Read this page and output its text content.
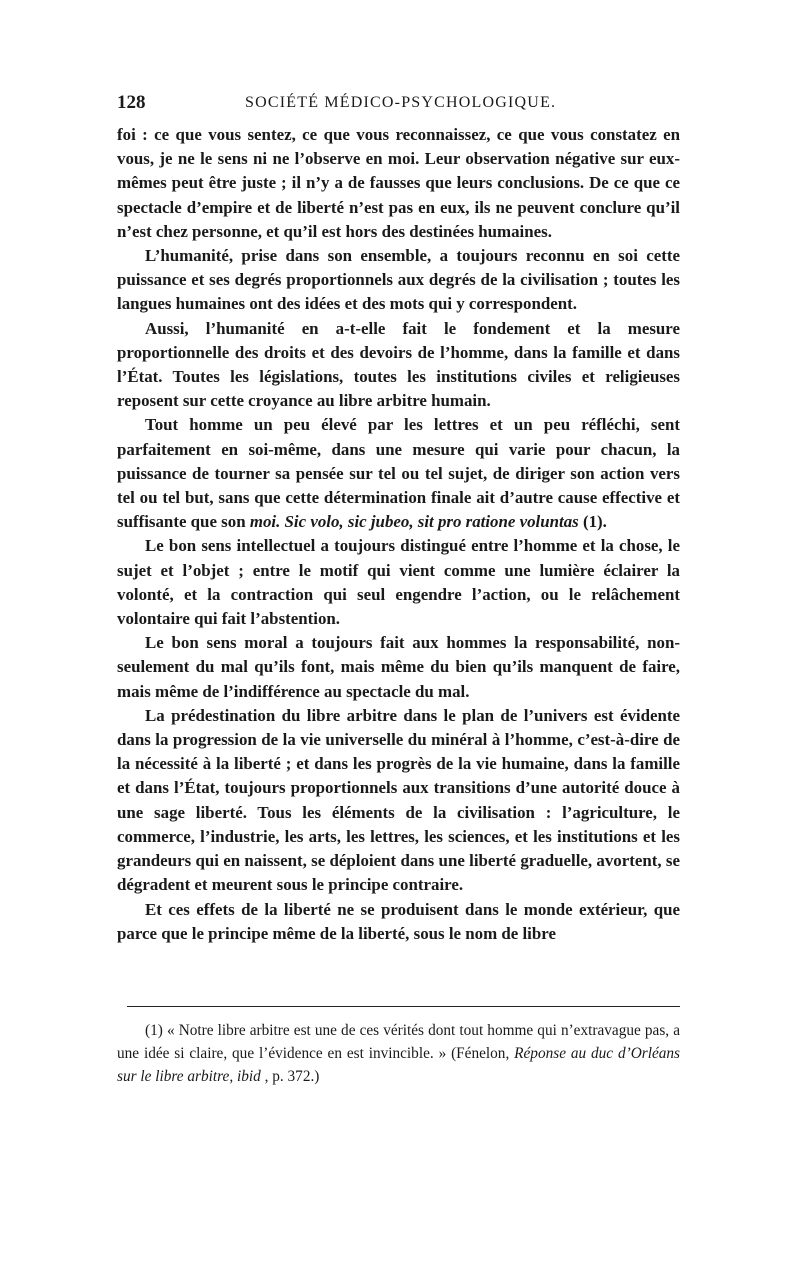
128	SOCIÉTÉ MÉDICO-PSYCHOLOGIQUE.

foi : ce que vous sentez, ce que vous reconnaissez, ce que vous constatez en vous, je ne le sens ni ne l’observe en moi. Leur observation négative sur eux-mêmes peut être juste ; il n’y a de fausses que leurs conclusions. De ce que ce spectacle d’empire et de liberté n’est pas en eux, ils ne peuvent conclure qu’il n’est chez personne, et qu’il est hors des destinées humaines.

L’humanité, prise dans son ensemble, a toujours reconnu en soi cette puissance et ses degrés proportionnels aux degrés de la civilisation ; toutes les langues humaines ont des idées et des mots qui y correspondent.

Aussi, l’humanité en a-t-elle fait le fondement et la mesure proportionnelle des droits et des devoirs de l’homme, dans la famille et dans l’État. Toutes les législations, toutes les institutions civiles et religieuses reposent sur cette croyance au libre arbitre humain.

Tout homme un peu élevé par les lettres et un peu réfléchi, sent parfaitement en soi-même, dans une mesure qui varie pour chacun, la puissance de tourner sa pensée sur tel ou tel sujet, de diriger son action vers tel ou tel but, sans que cette détermination finale ait d’autre cause effective et suffisante que son moi. Sic volo, sic jubeo, sit pro ratione voluntas (1).

Le bon sens intellectuel a toujours distingué entre l’homme et la chose, le sujet et l’objet ; entre le motif qui vient comme une lumière éclairer la volonté, et la contraction qui seul engendre l’action, ou le relâchement volontaire qui fait l’abstention.

Le bon sens moral a toujours fait aux hommes la responsabilité, non-seulement du mal qu’ils font, mais même du bien qu’ils manquent de faire, mais même de l’indifférence au spectacle du mal.

La prédestination du libre arbitre dans le plan de l’univers est évidente dans la progression de la vie universelle du minéral à l’homme, c’est-à-dire de la nécessité à la liberté ; et dans les progrès de la vie humaine, dans la famille et dans l’État, toujours proportionnels aux transitions d’une autorité douce à une sage liberté. Tous les éléments de la civilisation : l’agriculture, le commerce, l’industrie, les arts, les lettres, les sciences, et les institutions et les grandeurs qui en naissent, se déploient dans une liberté graduelle, avortent, se dégradent et meurent sous le principe contraire.

Et ces effets de la liberté ne se produisent dans le monde extérieur, que parce que le principe même de la liberté, sous le nom de libre

(1) « Notre libre arbitre est une de ces vérités dont tout homme qui n’extravague pas, a une idée si claire, que l’évidence en est invincible. » (Fénelon, Réponse au duc d’Orléans sur le libre arbitre, ibid , p. 372.)
